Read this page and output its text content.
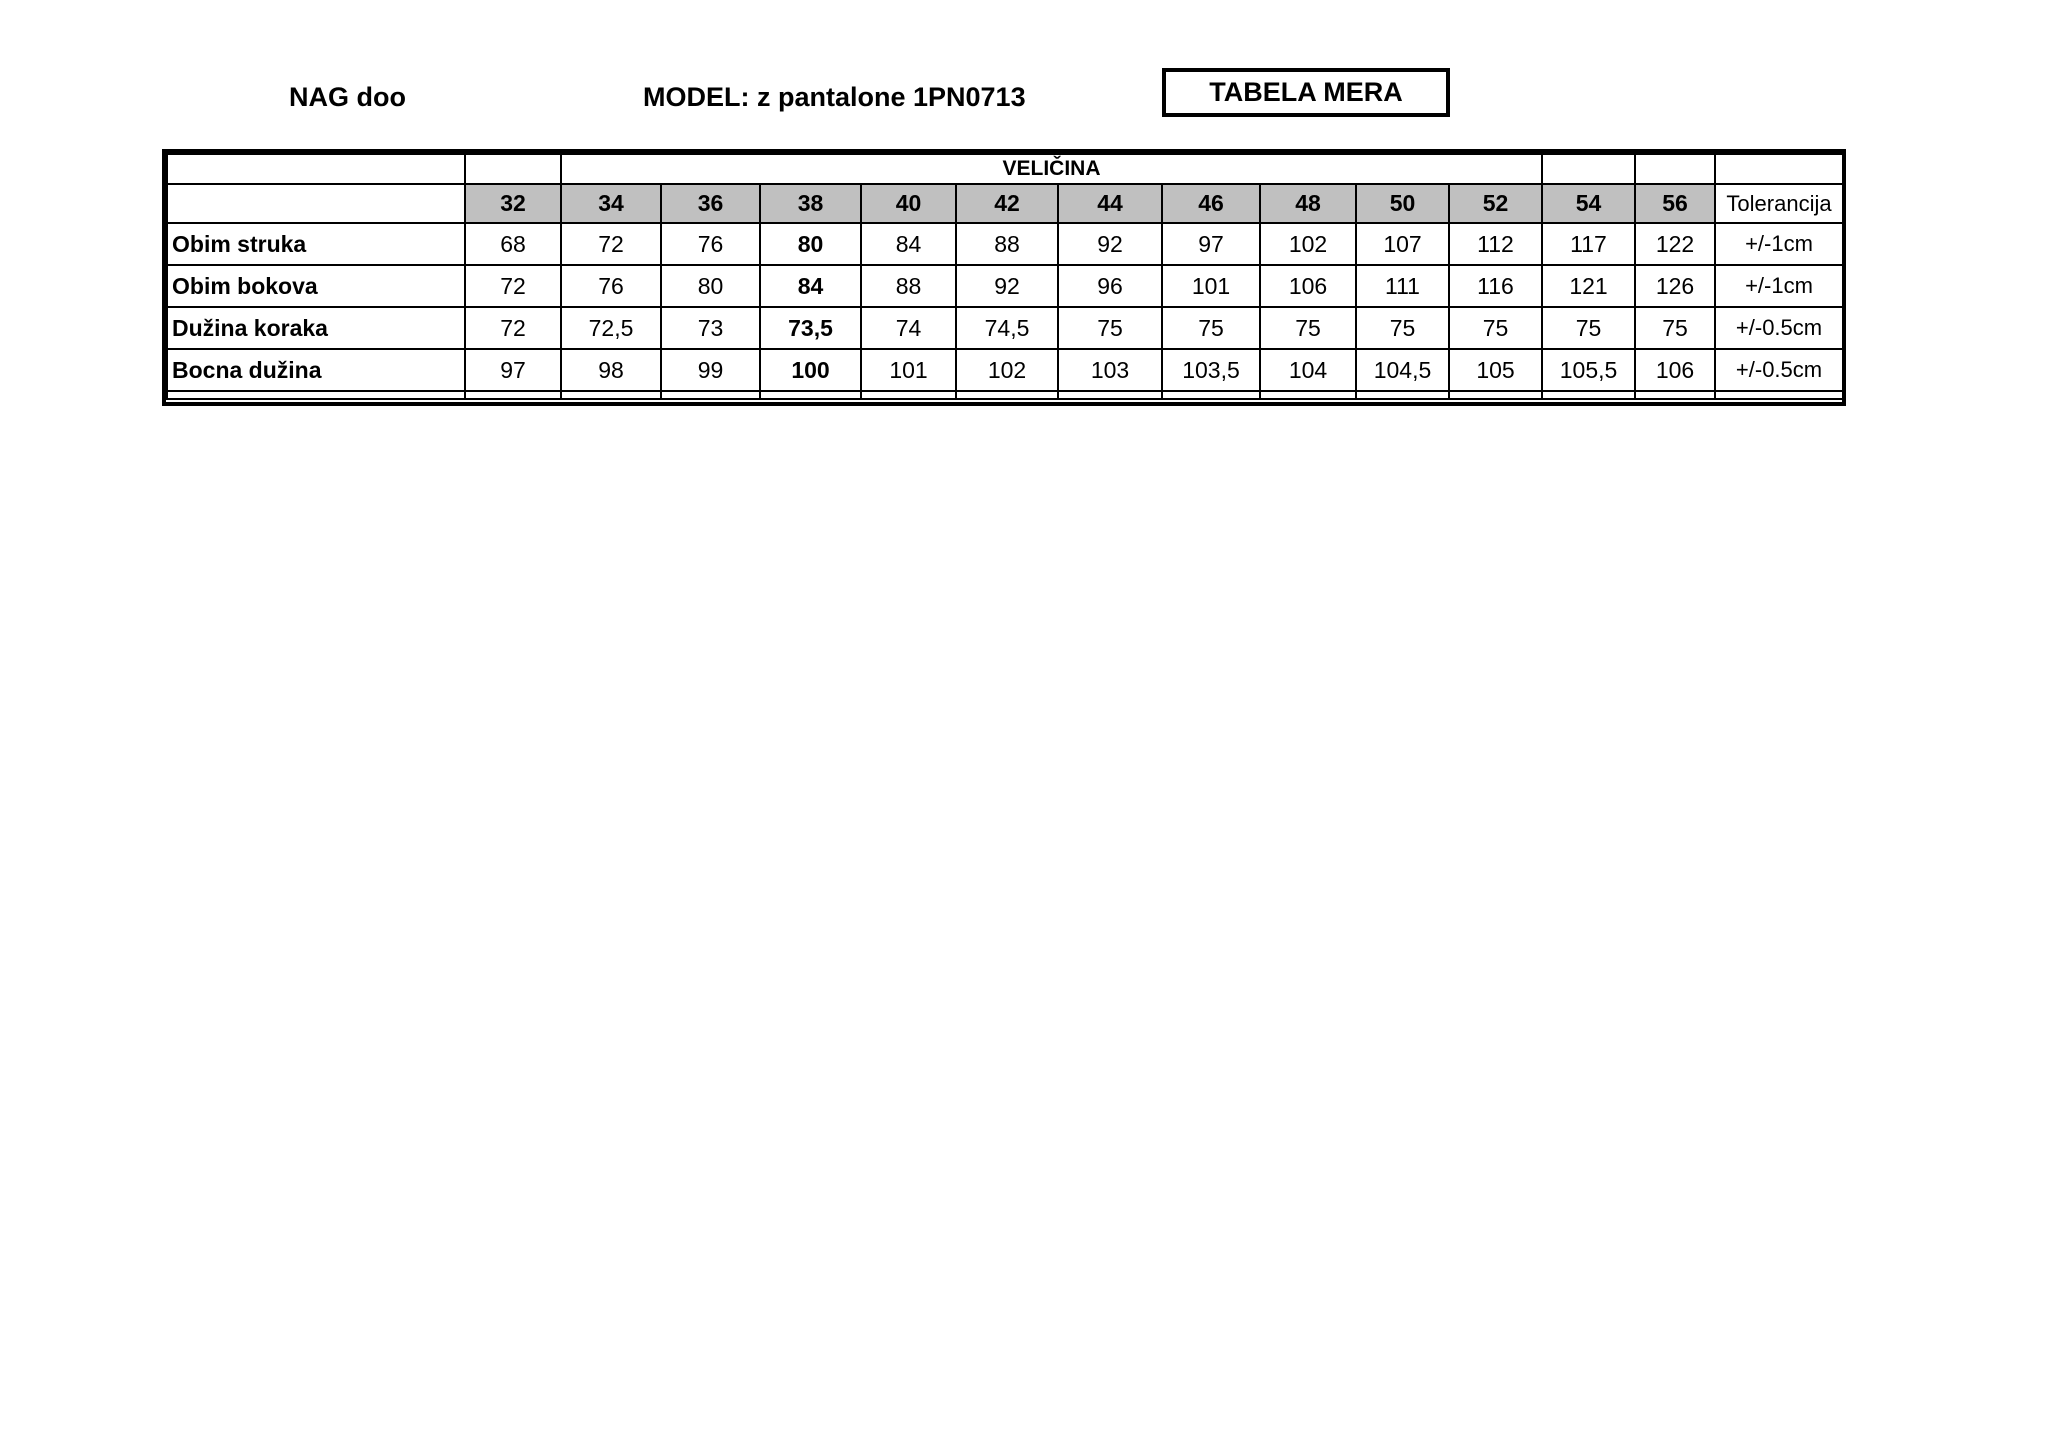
NAG doo	MODEL: z pantalone 1PN0713	TABELA MERA
		VELIČINA												
	32	34	36	38	40	42	44	46	48	50	52	54	56	Tolerancija
Obim struka	68	72	76	80	84	88	92	97	102	107	112	117	122	+/-1cm
Obim bokova	72	76	80	84	88	92	96	101	106	111	116	121	126	+/-1cm
Dužina koraka	72	72,5	73	73,5	74	74,5	75	75	75	75	75	75	75	+/-0.5cm
Bocna dužina	97	98	99	100	101	102	103	103,5	104	104,5	105	105,5	106	+/-0.5cm
